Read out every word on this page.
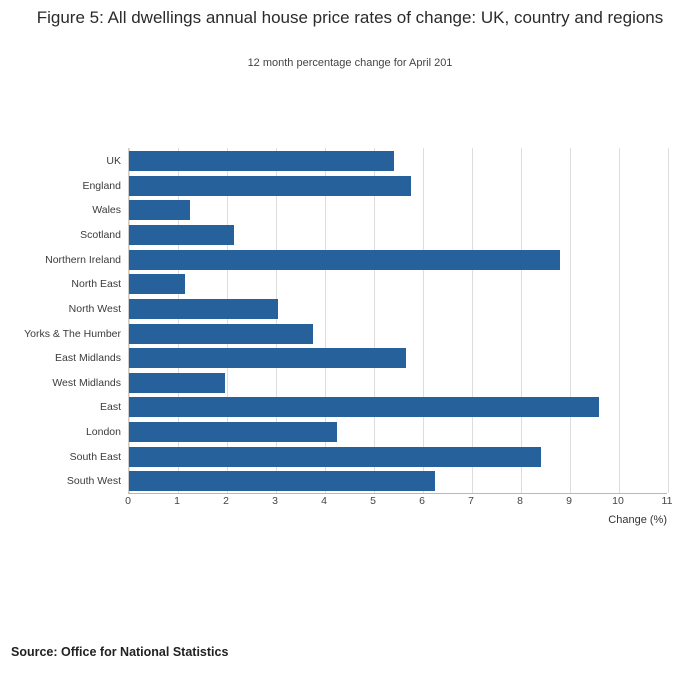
Figure 5: All dwellings annual house price rates of change: UK, country and regions
12 month percentage change for April 201
UK
England
Wales
Scotland
Northern Ireland
North East
North West
Yorks & The Humber
East Midlands
West Midlands
East
London
South East
South West
Change (%)
Source: Office for National Statistics
0	1	2	3	4	5	6	7	8	9	10	11
